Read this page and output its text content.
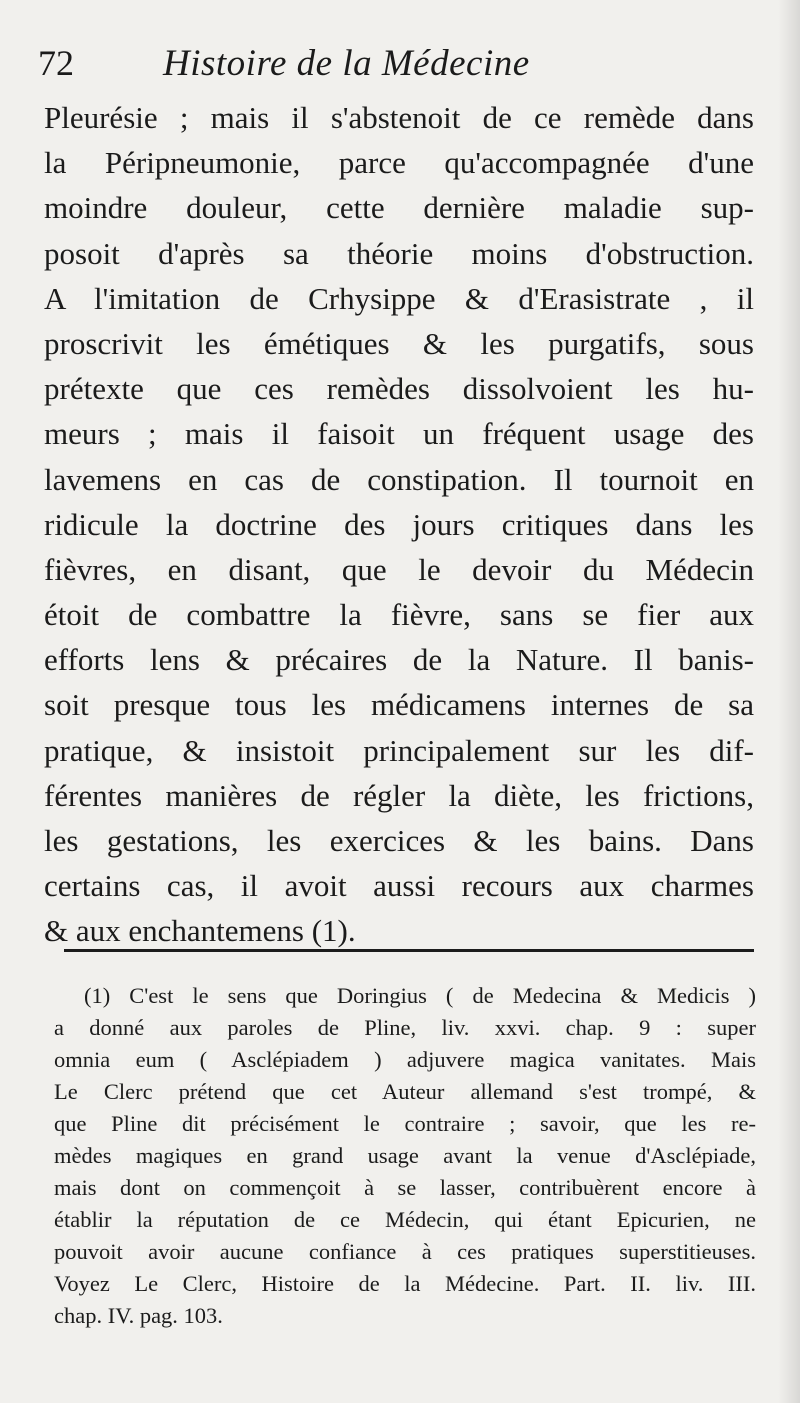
72 Histoire de la Médecine
Pleurésie ; mais il s'abstenoit de ce remède dans
la Péripneumonie, parce qu'accompagnée d'une
moindre douleur, cette dernière maladie sup-
posoit d'après sa théorie moins d'obstruction.
A l'imitation de Crhysippe & d'Erasistrate , il
proscrivit les émétiques & les purgatifs, sous
prétexte que ces remèdes dissolvoient les hu-
meurs ; mais il faisoit un fréquent usage des
lavemens en cas de constipation. Il tournoit en
ridicule la doctrine des jours critiques dans les
fièvres, en disant, que le devoir du Médecin
étoit de combattre la fièvre, sans se fier aux
efforts lens & précaires de la Nature. Il banis-
soit presque tous les médicamens internes de sa
pratique, & insistoit principalement sur les dif-
férentes manières de régler la diète, les frictions,
les gestations, les exercices & les bains. Dans
certains cas, il avoit aussi recours aux charmes
& aux enchantemens (1).
(1) C'est le sens que Doringius ( de Medecina & Medicis )
a donné aux paroles de Pline, liv. xxvi. chap. 9 : super
omnia eum ( Asclépiadem ) adjuvere magica vanitates. Mais
Le Clerc prétend que cet Auteur allemand s'est trompé, &
que Pline dit précisément le contraire ; savoir, que les re-
mèdes magiques en grand usage avant la venue d'Asclépiade,
mais dont on commençoit à se lasser, contribuèrent encore à
établir la réputation de ce Médecin, qui étant Epicurien, ne
pouvoit avoir aucune confiance à ces pratiques superstitieuses.
Voyez Le Clerc, Histoire de la Médecine. Part. II. liv. III.
chap. IV. pag. 103.
